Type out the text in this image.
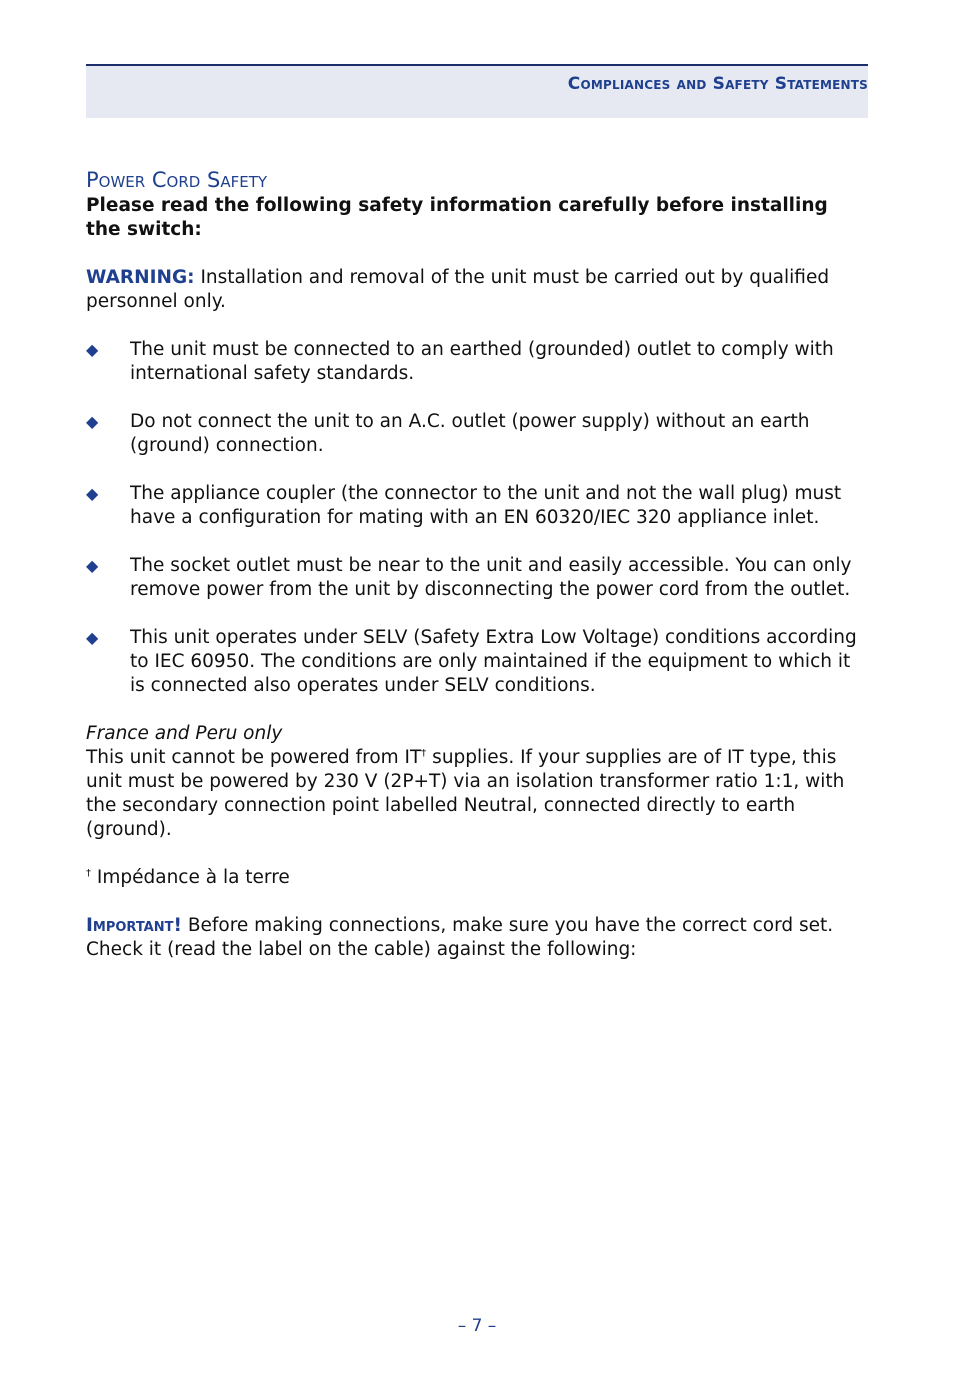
Compliances and Safety Statements
Power Cord Safety

Please read the following safety information carefully before installing the switch:

WARNING: Installation and removal of the unit must be carried out by qualified personnel only.

◆ The unit must be connected to an earthed (grounded) outlet to comply with international safety standards.
◆ Do not connect the unit to an A.C. outlet (power supply) without an earth (ground) connection.
◆ The appliance coupler (the connector to the unit and not the wall plug) must have a configuration for mating with an EN 60320/IEC 320 appliance inlet.
◆ The socket outlet must be near to the unit and easily accessible. You can only remove power from the unit by disconnecting the power cord from the outlet.
◆ This unit operates under SELV (Safety Extra Low Voltage) conditions according to IEC 60950. The conditions are only maintained if the equipment to which it is connected also operates under SELV conditions.

France and Peru only

This unit cannot be powered from IT† supplies. If your supplies are of IT type, this unit must be powered by 230 V (2P+T) via an isolation transformer ratio 1:1, with the secondary connection point labelled Neutral, connected directly to earth (ground).

† Impédance à la terre

Important! Before making connections, make sure you have the correct cord set. Check it (read the label on the cable) against the following:

– 7 –
